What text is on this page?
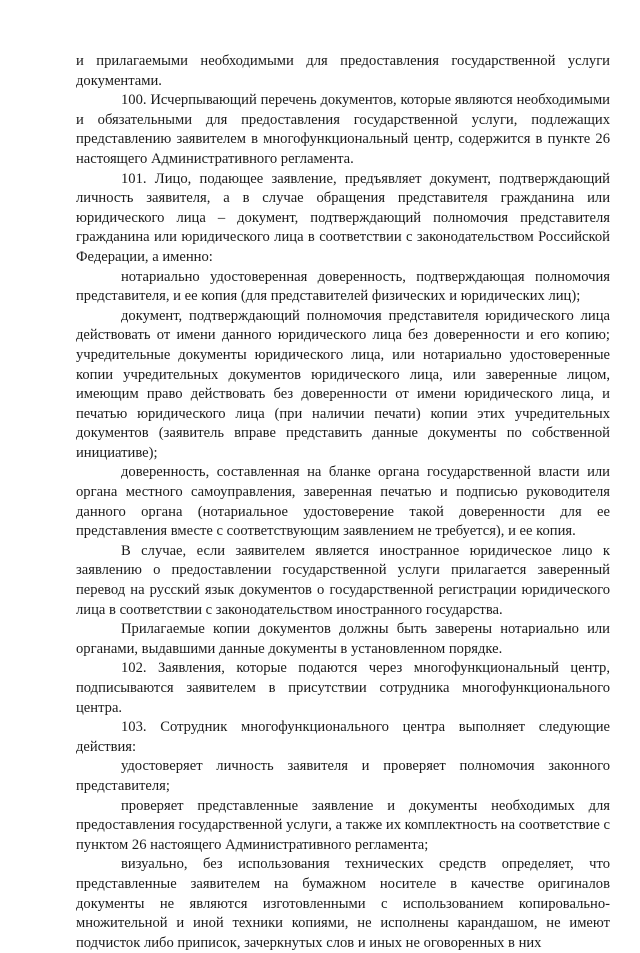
и прилагаемыми необходимыми для предоставления государственной услуги документами.

100. Исчерпывающий перечень документов, которые являются необходимыми и обязательными для предоставления государственной услуги, подлежащих представлению заявителем в многофункциональный центр, содержится в пункте 26 настоящего Административного регламента.

101. Лицо, подающее заявление, предъявляет документ, подтверждающий личность заявителя, а в случае обращения представителя гражданина или юридического лица – документ, подтверждающий полномочия представителя гражданина или юридического лица в соответствии с законодательством Российской Федерации, а именно:

нотариально удостоверенная доверенность, подтверждающая полномочия представителя, и ее копия (для представителей физических и юридических лиц);

документ, подтверждающий полномочия представителя юридического лица действовать от имени данного юридического лица без доверенности и его копию; учредительные документы юридического лица, или нотариально удостоверенные копии учредительных документов юридического лица, или заверенные лицом, имеющим право действовать без доверенности от имени юридического лица, и печатью юридического лица (при наличии печати) копии этих учредительных документов (заявитель вправе представить данные документы по собственной инициативе);

доверенность, составленная на бланке органа государственной власти или органа местного самоуправления, заверенная печатью и подписью руководителя данного органа (нотариальное удостоверение такой доверенности для ее представления вместе с соответствующим заявлением не требуется), и ее копия.

В случае, если заявителем является иностранное юридическое лицо к заявлению о предоставлении государственной услуги прилагается заверенный перевод на русский язык документов о государственной регистрации юридического лица в соответствии с законодательством иностранного государства.

Прилагаемые копии документов должны быть заверены нотариально или органами, выдавшими данные документы в установленном порядке.

102. Заявления, которые подаются через многофункциональный центр, подписываются заявителем в присутствии сотрудника многофункционального центра.

103. Сотрудник многофункционального центра выполняет следующие действия:

удостоверяет личность заявителя и проверяет полномочия законного представителя;

проверяет представленные заявление и документы необходимых для предоставления государственной услуги, а также их комплектность на соответствие с пунктом 26 настоящего Административного регламента;

визуально, без использования технических средств определяет, что представленные заявителем на бумажном носителе в качестве оригиналов документы не являются изготовленными с использованием копировально-множительной и иной техники копиями, не исполнены карандашом, не имеют подчисток либо приписок, зачеркнутых слов и иных не оговоренных в них
